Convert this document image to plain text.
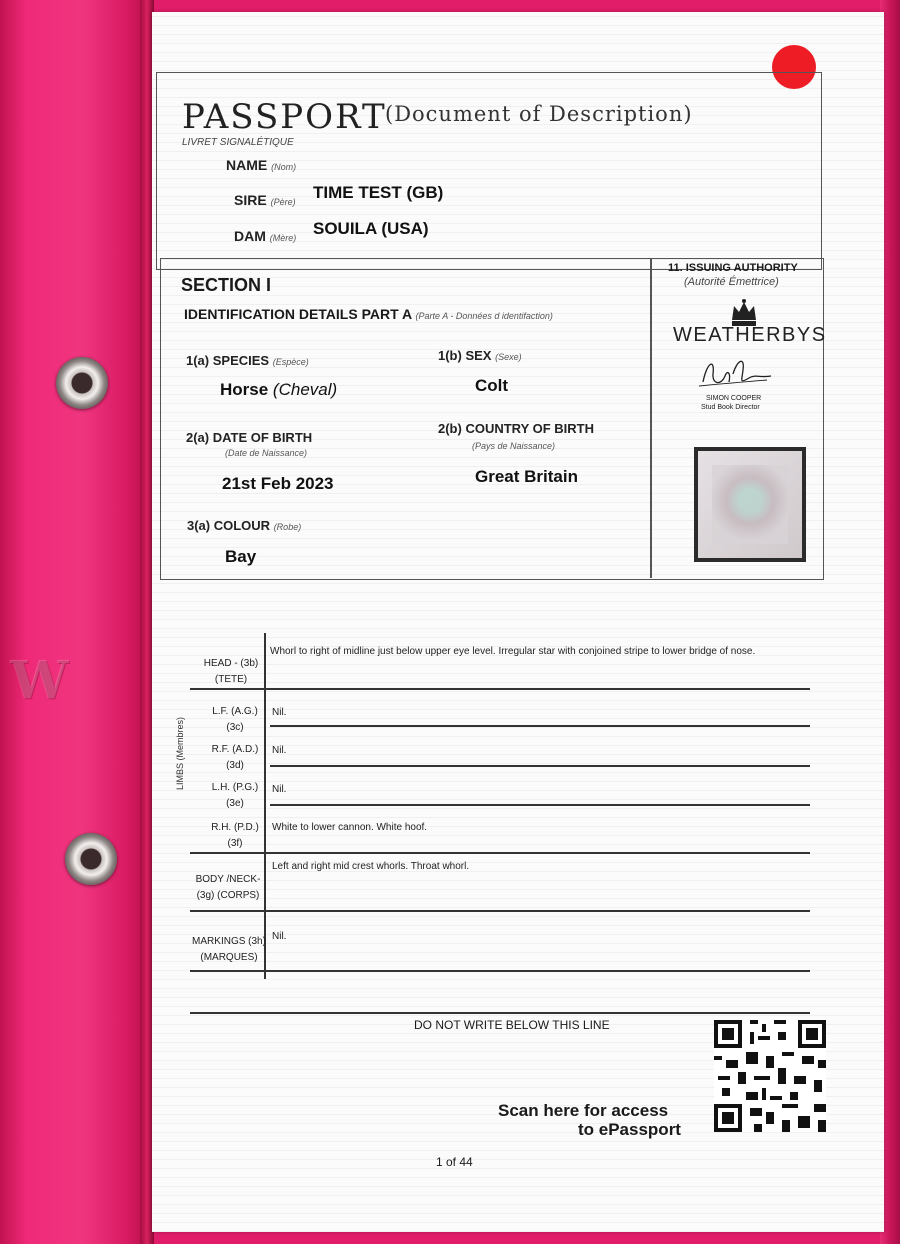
W
PASSPORT
(Document of Description)
LIVRET SIGNALÉTIQUE
NAME (Nom)
SIRE (Père) TIME TEST (GB)
DAM (Mère) SOUILA (USA)
SECTION I
IDENTIFICATION DETAILS PART A (Parte A - Données d identifaction)
1(a) SPECIES (Espèce)
Horse (Cheval)
1(b) SEX (Sexe)
Colt
2(a) DATE OF BIRTH
(Date de Naissance)
21st Feb 2023
2(b) COUNTRY OF BIRTH
(Pays de Naissance)
Great Britain
3(a) COLOUR (Robe)
Bay
11. ISSUING AUTHORITY
(Autorité Émettrice)
WEATHERBYS
SIMON COOPER
Stud Book Director
LIMBS (Membres)
HEAD - (3b)
(TETE)
Whorl to right of midline just below upper eye level. Irregular star with conjoined stripe to lower bridge of nose.
L.F. (A.G.)
(3c)
Nil.
R.F. (A.D.)
(3d)
Nil.
L.H. (P.G.)
(3e)
Nil.
R.H. (P.D.)
(3f)
White to lower cannon. White hoof.
BODY /NECK-
(3g) (CORPS)
Left and right mid crest whorls. Throat whorl.
MARKINGS (3h)
(MARQUES)
Nil.
DO NOT WRITE BELOW THIS LINE
Scan here for access
to ePassport
1 of 44
